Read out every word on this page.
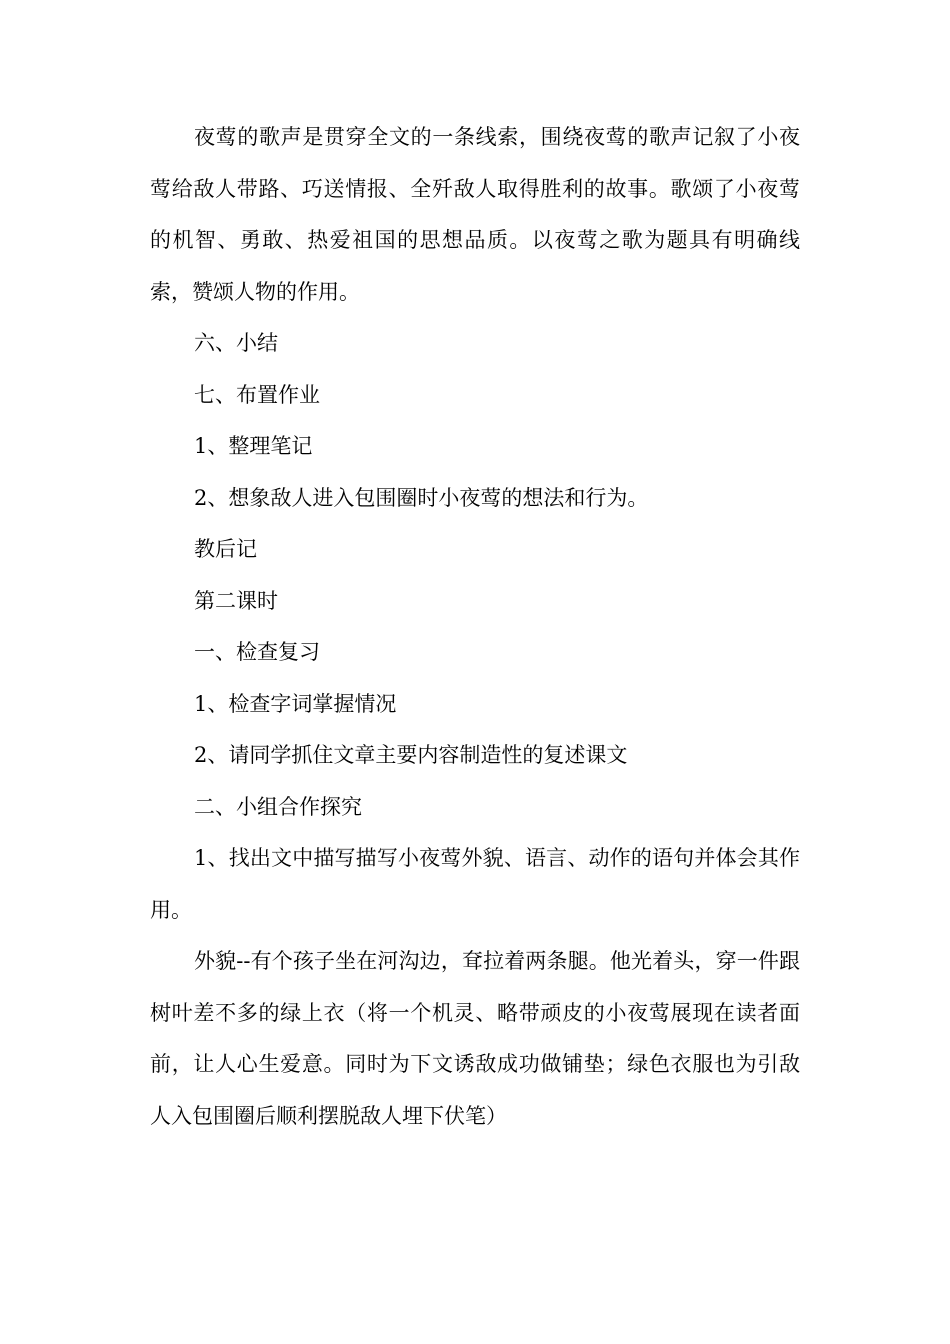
夜莺的歌声是贯穿全文的一条线索，围绕夜莺的歌声记叙了小夜莺给敌人带路、巧送情报、全歼敌人取得胜利的故事。歌颂了小夜莺的机智、勇敢、热爱祖国的思想品质。以夜莺之歌为题具有明确线索，赞颂人物的作用。

六、小结

七、布置作业

1、整理笔记

2、想象敌人进入包围圈时小夜莺的想法和行为。

教后记

第二课时

一、检查复习

1、检查字词掌握情况

2、请同学抓住文章主要内容制造性的复述课文

二、小组合作探究

1、找出文中描写描写小夜莺外貌、语言、动作的语句并体会其作用。

外貌--有个孩子坐在河沟边，耷拉着两条腿。他光着头，穿一件跟树叶差不多的绿上衣（将一个机灵、略带顽皮的小夜莺展现在读者面前，让人心生爱意。同时为下文诱敌成功做铺垫；绿色衣服也为引敌人入包围圈后顺利摆脱敌人埋下伏笔）
